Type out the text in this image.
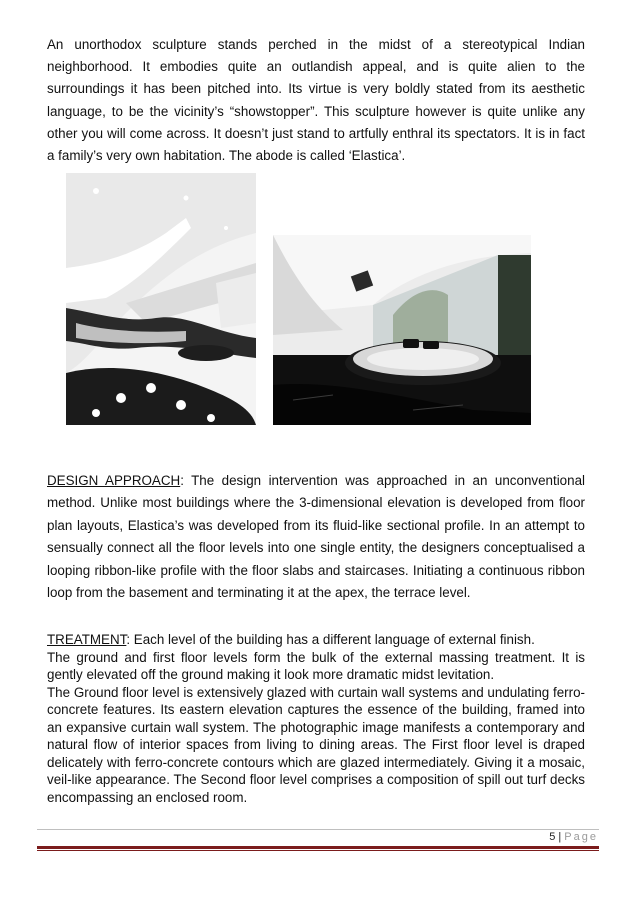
An unorthodox sculpture stands perched in the midst of a stereotypical Indian neighborhood. It embodies quite an outlandish appeal, and is quite alien to the surroundings it has been pitched into. Its virtue is very boldly stated from its aesthetic language, to be the vicinity’s “showstopper”. This sculpture however is quite unlike any other you will come across. It doesn’t just stand to artfully enthral its spectators. It is in fact a family’s very own habitation. The abode is called ‘Elastica’.

DESIGN APPROACH: The design intervention was approached in an unconventional method. Unlike most buildings where the 3-dimensional elevation is developed from floor plan layouts, Elastica’s was developed from its fluid-like sectional profile. In an attempt to sensually connect all the floor levels into one single entity, the designers conceptualised a looping ribbon-like profile with the floor slabs and staircases. Initiating a continuous ribbon loop from the basement and terminating it at the apex, the terrace level.

TREATMENT: Each level of the building has a different language of external finish.
The ground and first floor levels form the bulk of the external massing treatment. It is gently elevated off the ground making it look more dramatic midst levitation.
The Ground floor level is extensively glazed with curtain wall systems and undulating ferro-concrete features. Its eastern elevation captures the essence of the building, framed into an expansive curtain wall system. The photographic image manifests a contemporary and natural flow of interior spaces from living to dining areas. The First floor level is draped delicately with ferro-concrete contours which are glazed intermediately. Giving it a mosaic, veil-like appearance. The Second floor level comprises a composition of spill out turf decks encompassing an enclosed room.
5 | Page
